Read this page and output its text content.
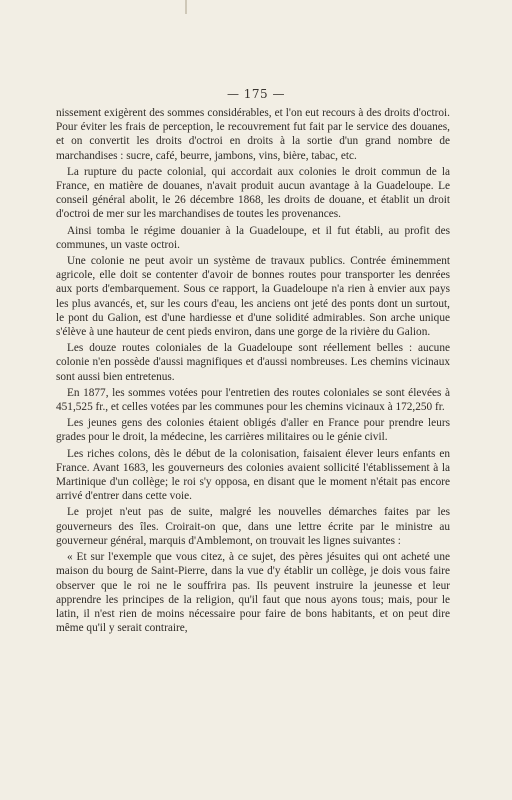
— 175 —

nissement exigèrent des sommes considérables, et l'on eut recours à des droits d'octroi. Pour éviter les frais de perception, le recouvrement fut fait par le service des douanes, et on convertit les droits d'octroi en droits à la sortie d'un grand nombre de marchandises : sucre, café, beurre, jambons, vins, bière, tabac, etc.

La rupture du pacte colonial, qui accordait aux colonies le droit commun de la France, en matière de douanes, n'avait produit aucun avantage à la Guadeloupe. Le conseil général abolit, le 26 décembre 1868, les droits de douane, et établit un droit d'octroi de mer sur les marchandises de toutes les provenances.

Ainsi tomba le régime douanier à la Guadeloupe, et il fut établi, au profit des communes, un vaste octroi.

Une colonie ne peut avoir un système de travaux publics. Contrée éminemment agricole, elle doit se contenter d'avoir de bonnes routes pour transporter les denrées aux ports d'embarquement. Sous ce rapport, la Guadeloupe n'a rien à envier aux pays les plus avancés, et, sur les cours d'eau, les anciens ont jeté des ponts dont un surtout, le pont du Galion, est d'une hardiesse et d'une solidité admirables. Son arche unique s'élève à une hauteur de cent pieds environ, dans une gorge de la rivière du Galion.

Les douze routes coloniales de la Guadeloupe sont réellement belles : aucune colonie n'en possède d'aussi magnifiques et d'aussi nombreuses. Les chemins vicinaux sont aussi bien entretenus.

En 1877, les sommes votées pour l'entretien des routes coloniales se sont élevées à 451,525 fr., et celles votées par les communes pour les chemins vicinaux à 172,250 fr.

Les jeunes gens des colonies étaient obligés d'aller en France pour prendre leurs grades pour le droit, la médecine, les carrières militaires ou le génie civil.

Les riches colons, dès le début de la colonisation, faisaient élever leurs enfants en France. Avant 1683, les gouverneurs des colonies avaient sollicité l'établissement à la Martinique d'un collège; le roi s'y opposa, en disant que le moment n'était pas encore arrivé d'entrer dans cette voie.

Le projet n'eut pas de suite, malgré les nouvelles démarches faites par les gouverneurs des îles. Croirait-on que, dans une lettre écrite par le ministre au gouverneur général, marquis d'Amblemont, on trouvait les lignes suivantes :

« Et sur l'exemple que vous citez, à ce sujet, des pères jésuites qui ont acheté une maison du bourg de Saint-Pierre, dans la vue d'y établir un collège, je dois vous faire observer que le roi ne le souffrira pas. Ils peuvent instruire la jeunesse et leur apprendre les principes de la religion, qu'il faut que nous ayons tous; mais, pour le latin, il n'est rien de moins nécessaire pour faire de bons habitants, et on peut dire même qu'il y serait contraire,
